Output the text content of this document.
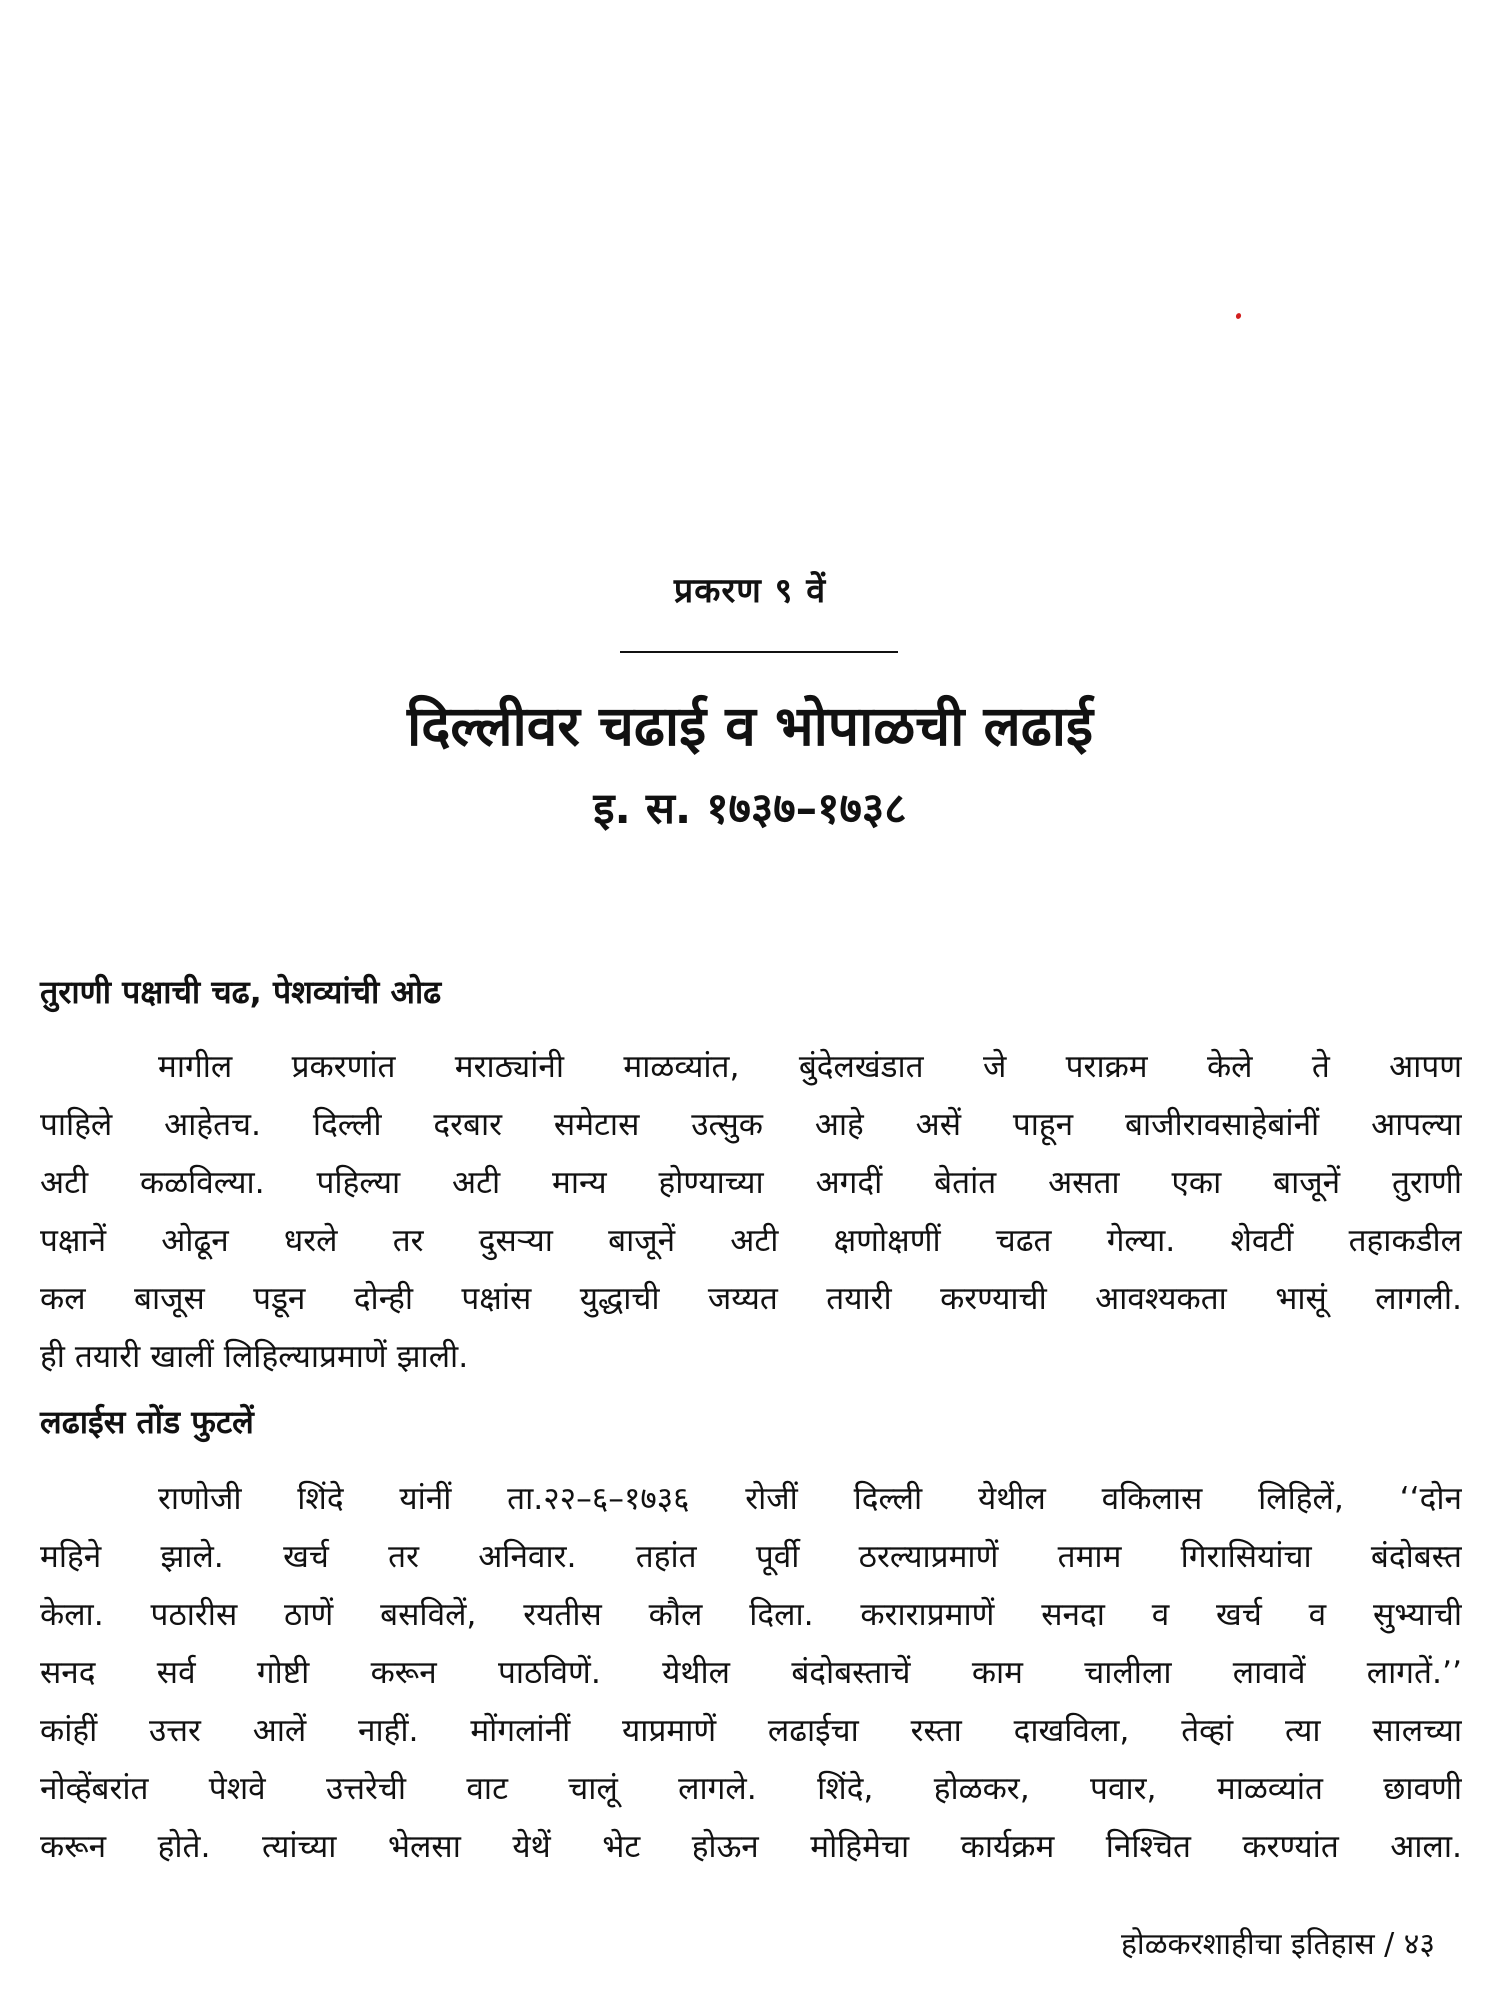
प्रकरण ९ वें
दिल्लीवर चढाई व भोपाळची लढाई
इ. स. १७३७–१७३८
तुराणी पक्षाची चढ, पेशव्यांची ओढ
मागील प्रकरणांत मराठ्यांनी माळव्यांत, बुंदेलखंडात जे पराक्रम केले ते आपण
पाहिले आहेतच. दिल्ली दरबार समेटास उत्सुक आहे असें पाहून बाजीरावसाहेबांनीं आपल्या
अटी कळविल्या. पहिल्या अटी मान्य होण्याच्या अगदीं बेतांत असता एका बाजूनें तुराणी
पक्षानें ओढून धरले तर दुसऱ्या बाजूनें अटी क्षणोक्षणीं चढत गेल्या. शेवटीं तहाकडील
कल बाजूस पडून दोन्ही पक्षांस युद्धाची जय्यत तयारी करण्याची आवश्यकता भासूं लागली.
ही तयारी खालीं लिहिल्याप्रमाणें झाली.
लढाईस तोंड फुटलें
राणोजी शिंदे यांनीं ता.२२–६–१७३६ रोजीं दिल्ली येथील वकिलास लिहिलें, ‘‘दोन
महिने झाले. खर्च तर अनिवार. तहांत पूर्वी ठरल्याप्रमाणें तमाम गिरासियांचा बंदोबस्त
केला. पठारीस ठाणें बसविलें, रयतीस कौल दिला. कराराप्रमाणें सनदा व खर्च व सुभ्याची
सनद सर्व गोष्टी करून पाठविणें. येथील बंदोबस्ताचें काम चालीला लावावें लागतें.’’
कांहीं उत्तर आलें नाहीं. मोंगलांनीं याप्रमाणें लढाईचा रस्ता दाखविला, तेव्हां त्या सालच्या
नोव्हेंबरांत पेशवे उत्तरेची वाट चालूं लागले. शिंदे, होळकर, पवार, माळव्यांत छावणी
करून होते. त्यांच्या भेलसा येथें भेट होऊन मोहिमेचा कार्यक्रम निश्चित करण्यांत आला.
होळकरशाहीचा इतिहास / ४३
